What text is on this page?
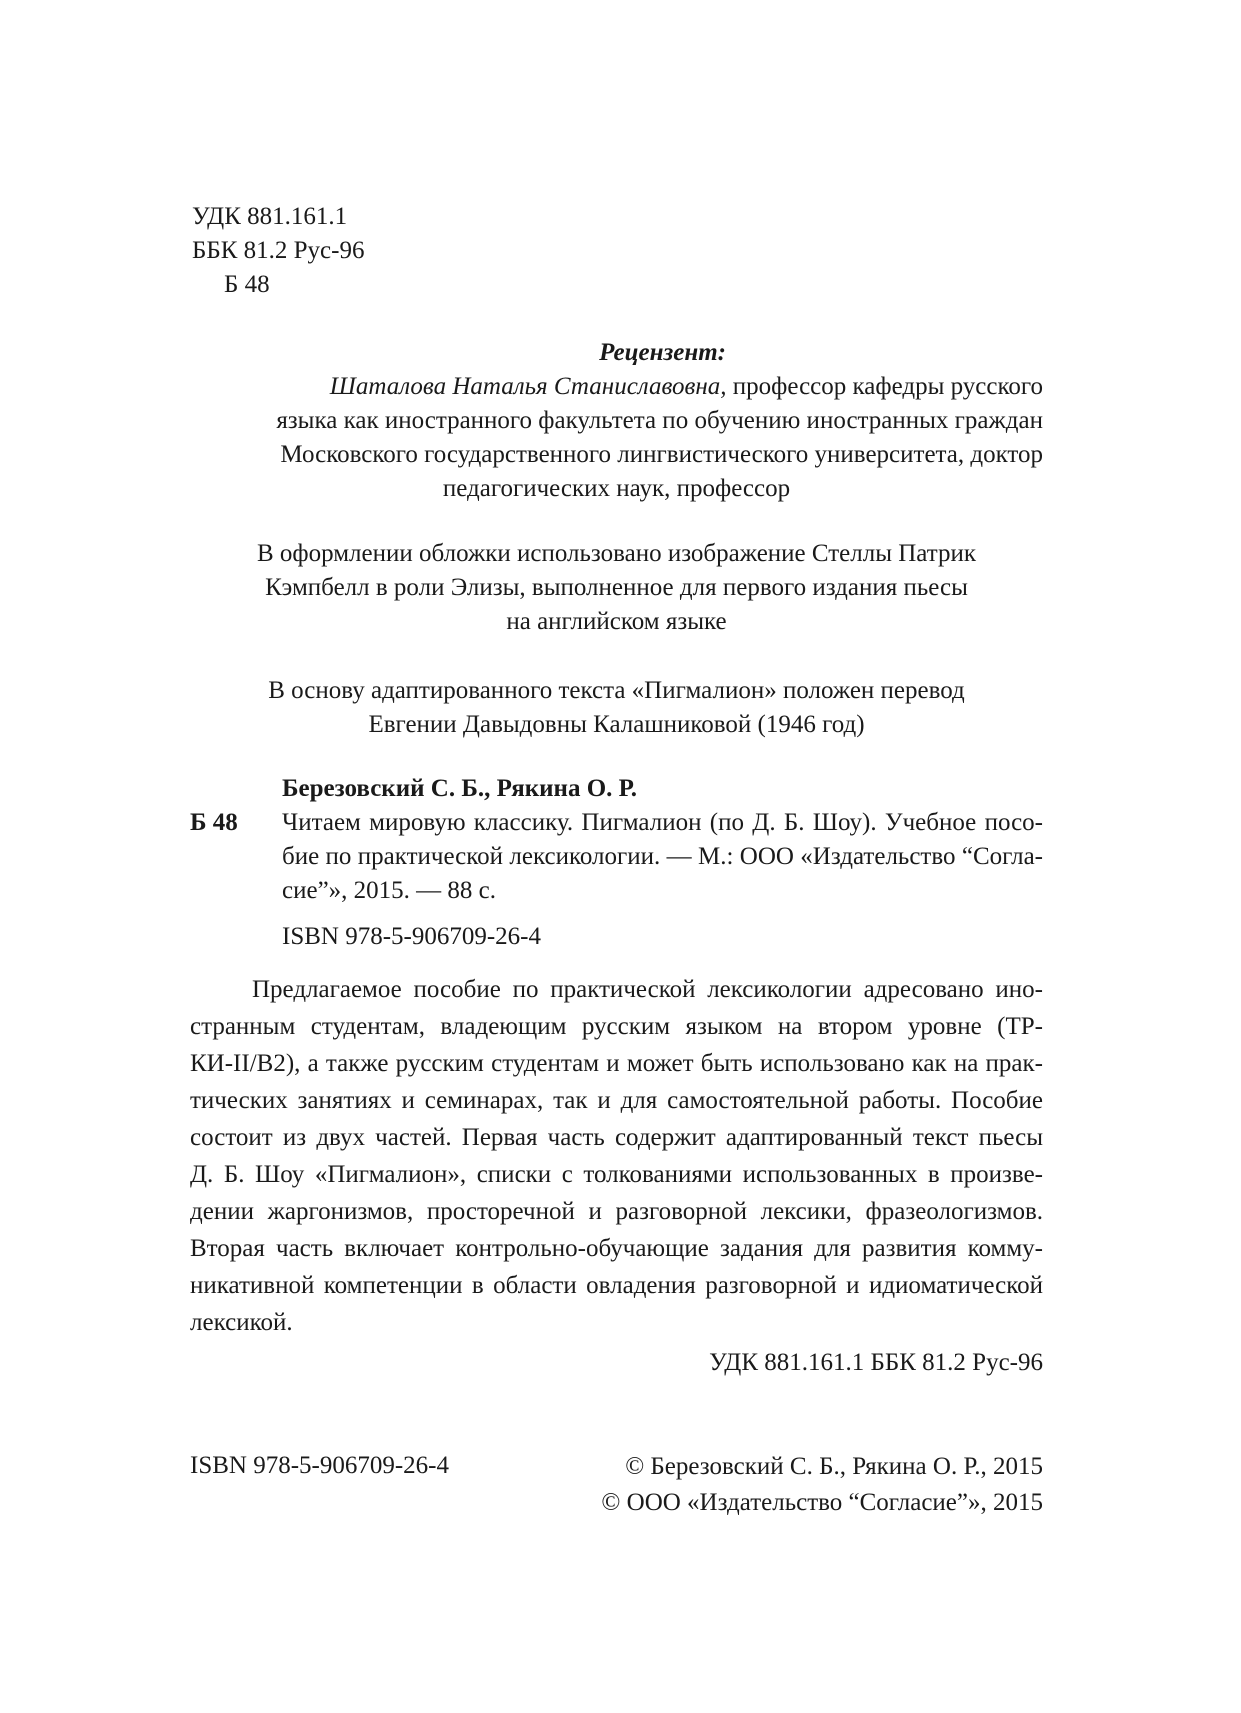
УДК 881.161.1
ББК 81.2 Рус-96
Б 48
Рецензент:
Шаталова Наталья Станиславовна, профессор кафедры русского
языка как иностранного факультета по обучению иностранных граждан
Московского государственного лингвистического университета, доктор
педагогических наук, профессор
В оформлении обложки использовано изображение Стеллы Патрик
Кэмпбелл в роли Элизы, выполненное для первого издания пьесы
на английском языке
В основу адаптированного текста «Пигмалион» положен перевод
Евгении Давыдовны Калашниковой (1946 год)
Березовский С. Б., Рякина О. Р.
Б 48 Читаем мировую классику. Пигмалион (по Д. Б. Шоу). Учебное посо-
бие по практической лексикологии. — М.: ООО «Издательство “Согла-
сие”», 2015. — 88 с.
ISBN 978-5-906709-26-4
Предлагаемое пособие по практической лексикологии адресовано ино-
странным студентам, владеющим русским языком на втором уровне (ТР-
КИ-II/B2), а также русским студентам и может быть использовано как на прак-
тических занятиях и семинарах, так и для самостоятельной работы. Пособие
состоит из двух частей. Первая часть содержит адаптированный текст пьесы
Д. Б. Шоу «Пигмалион», списки с толкованиями использованных в произве-
дении жаргонизмов, просторечной и разговорной лексики, фразеологизмов.
Вторая часть включает контрольно-обучающие задания для развития комму-
никативной компетенции в области овладения разговорной и идиоматической
лексикой.
УДК 881.161.1 ББК 81.2 Рус-96
ISBN 978-5-906709-26-4	© Березовский С. Б., Рякина О. Р., 2015
© ООО «Издательство “Согласие”», 2015
